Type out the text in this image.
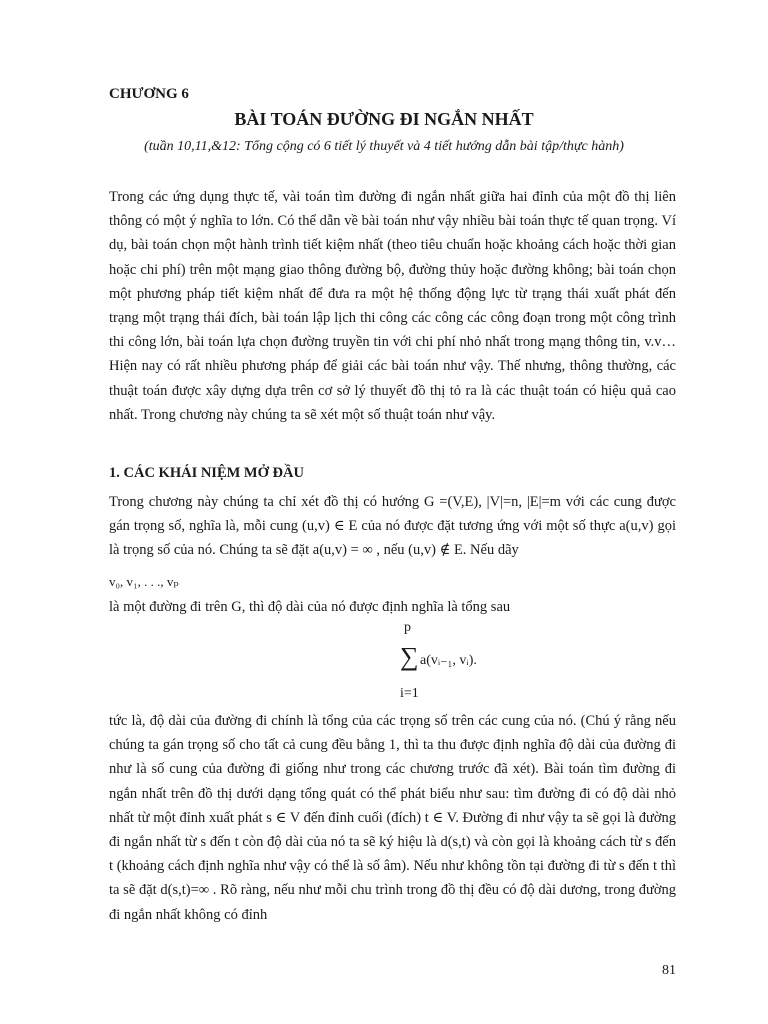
CHƯƠNG 6
BÀI TOÁN ĐƯỜNG ĐI NGẮN NHẤT
(tuần 10,11,&12: Tổng cộng có 6 tiết lý thuyết và 4 tiết hướng dẫn bài tập/thực hành)
Trong các ứng dụng thực tế, vài toán tìm đường đi ngắn nhất giữa hai đỉnh của một đồ thị liên thông có một ý nghĩa to lớn. Có thể dẫn về bài toán như vậy nhiều bài toán thực tế quan trọng. Ví dụ, bài toán chọn một hành trình tiết kiệm nhất (theo tiêu chuẩn hoặc khoảng cách hoặc thời gian hoặc chi phí) trên một mạng giao thông đường bộ, đường thủy hoặc đường không; bài toán chọn một phương pháp tiết kiệm nhất để đưa ra một hệ thống động lực từ trạng thái xuất phát đến trạng một trạng thái đích, bài toán lập lịch thi công các công các công đoạn trong một công trình thi công lớn, bài toán lựa chọn đường truyền tin với chi phí nhỏ nhất trong mạng thông tin, v.v… Hiện nay có rất nhiều phương pháp để giải các bài toán như vậy. Thế nhưng, thông thường, các thuật toán được xây dựng dựa trên cơ sở lý thuyết đồ thị tỏ ra là các thuật toán có hiệu quả cao nhất. Trong chương này chúng ta sẽ xét một số thuật toán như vậy.
1. CÁC KHÁI NIỆM MỞ ĐẦU
Trong chương này chúng ta chỉ xét đồ thị có hướng G =(V,E), |V|=n, |E|=m với các cung được gán trọng số, nghĩa là, mỗi cung (u,v) ∈ E của nó được đặt tương ứng với một số thực a(u,v) gọi là trọng số của nó. Chúng ta sẽ đặt a(u,v) = ∞ , nếu (u,v) ∉ E. Nếu dãy
v₀, v₁, . . ., vₚ
là một đường đi trên G, thì độ dài của nó được định nghĩa là tổng sau
p
∑ a(vᵢ₋₁, vᵢ).
i=1
tức là, độ dài của đường đi chính là tổng của các trọng số trên các cung của nó. (Chú ý rằng nếu chúng ta gán trọng số cho tất cả cung đều bằng 1, thì ta thu được định nghĩa độ dài của đường đi như là số cung của đường đi giống như trong các chương trước đã xét). Bài toán tìm đường đi ngắn nhất trên đồ thị dưới dạng tổng quát có thể phát biểu như sau: tìm đường đi có độ dài nhỏ nhất từ một đỉnh xuất phát s ∈ V đến đỉnh cuối (đích) t ∈ V. Đường đi như vậy ta sẽ gọi là đường đi ngắn nhất từ s đến t còn độ dài của nó ta sẽ ký hiệu là d(s,t) và còn gọi là khoảng cách từ s đến t (khoảng cách định nghĩa như vậy có thể là số âm). Nếu như không tồn tại đường đi từ s đến t thì ta sẽ đặt d(s,t)=∞ . Rõ ràng, nếu như mỗi chu trình trong đồ thị đều có độ dài dương, trong đường đi ngắn nhất không có đỉnh
81
